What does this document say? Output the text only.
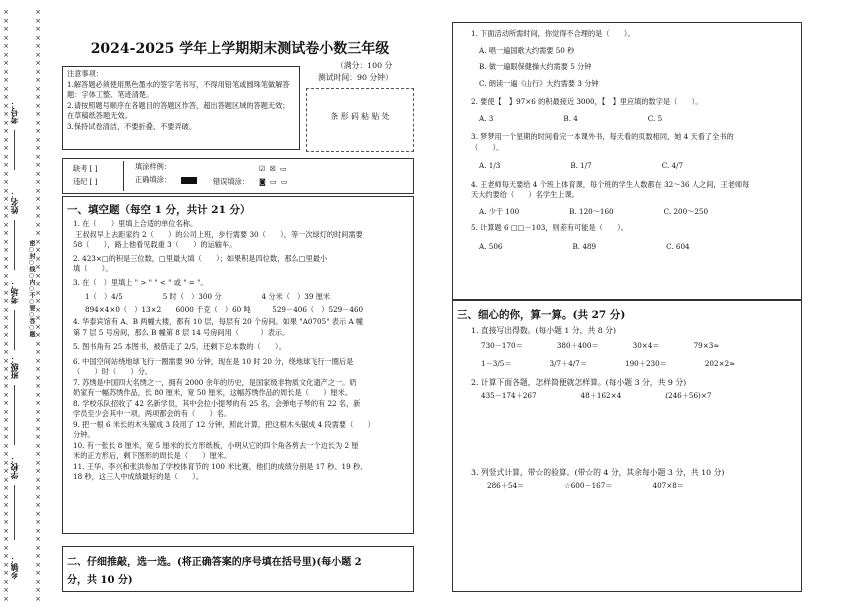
×
×
×
×
×
×
×
×
×
×
×
×
×
×
×
×
×
×
×
×
×
×
×
×
×
×
×
×
×
×
×
×
×
×
×
×
×
×
×
×
×
×
×
×
×
×
×
×
×
×
×
×
×
×
×
×
×
×
×
×
×
×
×
×
×
×
×
×
×
×
×
×
×
×
×
×
×
×
×
×
×
×
×
×
×
×
×
×
×
×
×
×
×
×
×
×
×
×
×
×
×
×
×
×
×
×
×
×
×
×
×
×
×
×
×
×
×
×
×
×
×
×
×
×
×
×
×
×
×
×
×
×
×
×
×
×
×
×
×
×
考号：
姓名：
考场：
班级：
学校：
乡镇：
密○封○线○内○不○要○答○题
2024-2025 学年上学期期末测试卷小数三年级
（满分：100 分
测试时间：90 分钟）
注意事项：
1.解答题必须使用黑色墨水的签字笔书写，不得用铅笔或圆珠笔做解答题：字体工整、笔迹清楚。
2.请按照题号顺序在各题目的答题区作答，超出答题区域的答题无效；在草稿纸答题无效。
3.保持试卷清洁，不要折叠、不要弄破。
条 形 码 粘 贴 处
缺考 [ ]
违纪 [ ]
填涂样例：
正确填涂：	错误填涂：
☑ ☒ ▭
◙ ▭ ▭
一、填空题（每空 1 分，共计 21 分）
1. 在（　　）里填上合适的单位名称。
王叔叔早上去距家约 2（　　）的公司上班，步行需要 30（　　），等一次绿灯的时间需要
58（　　），路上他看见载重 3（　　）的运输车。
2. 423×□的积是三位数，□里最大填（　　）；如果积是四位数，那么□里最小
填（　　）。
3. 在（　）里填上 " > " " < " 或 " = "。
1（　）4/5	5 时（　）300 分	4 分米（　）39 厘米
894×4×0（　）13×2　　6000 千克（　）60 吨　　　529－406（　）529－460
4. 华泰宾馆有 A、B 两幢大楼，都有 10 层，每层有 20 个房间。如果 "A0705" 表示 A 幢
第 7 层 5 号房间，那么 B 幢第 8 层 14 号房间用（　　　）表示。
5. 图书角有 25 本图书，被借走了 2/5，还剩下总本数的（　　）。
6. 中国空间站绕地球飞行一圈需要 90 分钟，现在是 10 时 20 分，绕地球飞行一圈后是
（　　）时（　　）分。
7. 苏绣是中国四大名绣之一，拥有 2000 余年的历史，是国家级非物质文化遗产之一。奶
奶家有一幅苏绣作品，长 80 厘米，宽 50 厘米，这幅苏绣作品的周长是（　　）厘米。
8. 学校乐队招收了 42 名新学员，其中会拉小提琴的有 25 名，会弹电子琴的有 22 名，新
学员至少会其中一项，两项都会的有（　　）名。
9. 把一根 6 米长的木头锯成 3 段用了 12 分钟，照此计算，把这根木头锯成 4 段需要（　　）
分钟。
10. 有一张长 8 厘米，宽 5 厘米的长方形纸板，小明从它的四个角各剪去一个边长为 2 厘
米的正方形后，剩下图形的周长是（　　）厘米。
11. 王华、李兴和张洪参加了学校体育节的 100 米比赛，他们的成绩分别是 17 秒、19 秒、
18 秒，这三人中成绩最好的是（　　）。
二、仔细推敲，选一选。(将正确答案的序号填在括号里)(每小题 2
分，共 10 分)
1. 下面活动所需时间，你觉得不合理的是（　　）。
A. 唱一遍国歌大约需要 50 秒
B. 做一遍眼保健操大约需要 5 分钟
C. 朗读一遍《山行》大约需要 3 分钟
2. 要使【　】97×6 的积最接近 3000，【　】里应填的数字是（　　）。
A. 3	B. 4	C. 5
3. 梦梦用一个星期的时间看完一本课外书，每天看的页数相同，她 4 天看了全书的
（　　）。
A. 1/3	B. 1/7	C. 4/7
4. 王老师每天要给 4 个班上体育课，每个班的学生人数都在 32～36 人之间，王老师每
天大约要给（　　）名学生上课。
A. 少于 100	B. 120～160	C. 200～250
5. 计算题 6 □□－103，则差有可能是（　　）。
A. 506	B. 489	C. 604
三、细心的你，算一算。(共 27 分)
1. 直接写出得数。(每小题 1 分，共 8 分)
730－170＝	380＋400＝	30×4＝	79×3≈
1－3/5＝	3/7＋4/7＝	190＋230＝	202×2≈
2. 计算下面各题，怎样简便就怎样算。(每小题 3 分，共 9 分)
435－174＋267	48＋162×4	(246＋56)×7
3. 列竖式计算，带☆的验算。(带☆的 4 分，其余每小题 3 分，共 10 分)
286＋54＝	☆600－167＝	407×8＝
